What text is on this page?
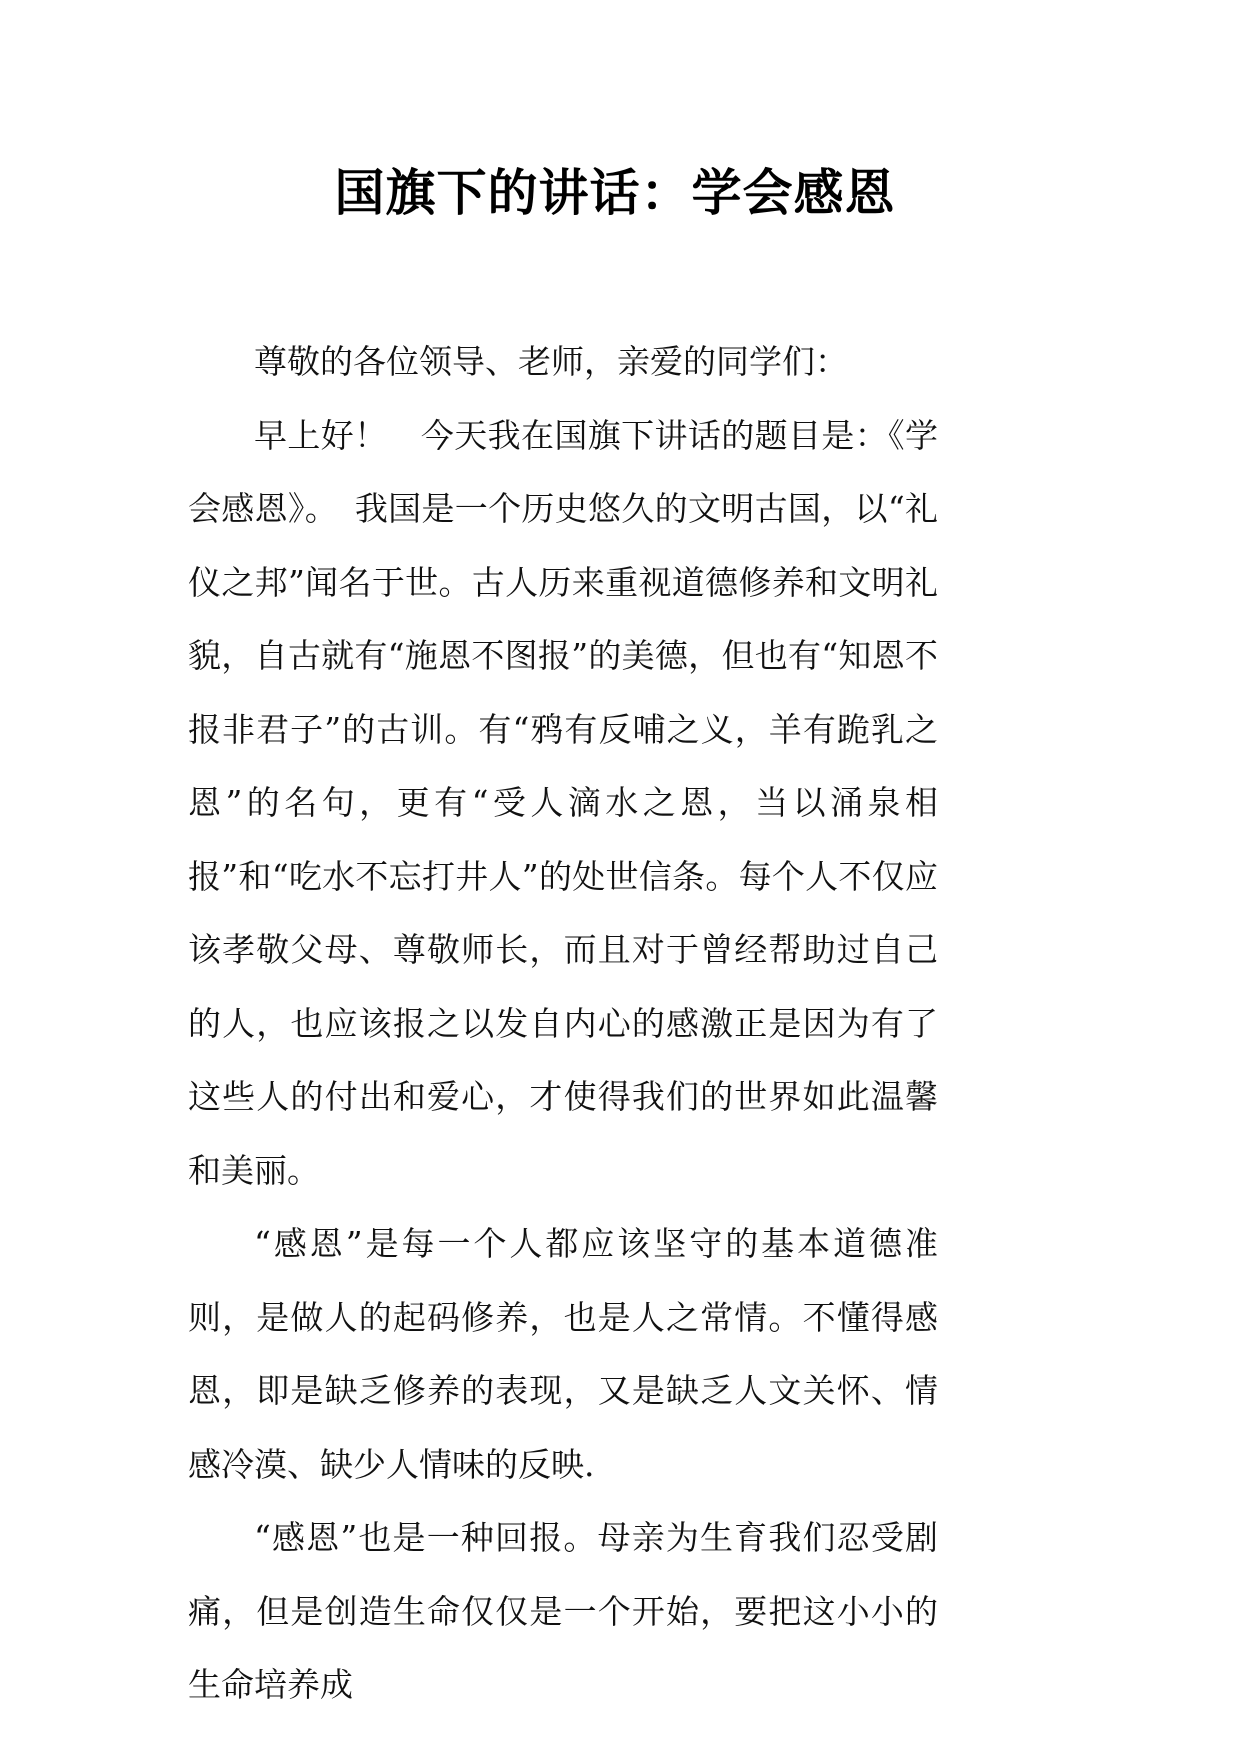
国旗下的讲话：学会感恩

尊敬的各位领导、老师，亲爱的同学们：

早上好！　今天我在国旗下讲话的题目是：《学会感恩》。　我国是一个历史悠久的文明古国，以“礼仪之邦”闻名于世。古人历来重视道德修养和文明礼貌，自古就有“施恩不图报”的美德，但也有“知恩不报非君子”的古训。有“鸦有反哺之义，羊有跪乳之恩”的名句，更有“受人滴水之恩，当以涌泉相报”和“吃水不忘打井人”的处世信条。每个人不仅应该孝敬父母、尊敬师长，而且对于曾经帮助过自己的人，也应该报之以发自内心的感激正是因为有了这些人的付出和爱心，才使得我们的世界如此温馨和美丽。

“感恩”是每一个人都应该坚守的基本道德准则，是做人的起码修养，也是人之常情。不懂得感恩，即是缺乏修养的表现，又是缺乏人文关怀、情感冷漠、缺少人情味的反映.

“感恩”也是一种回报。母亲为生育我们忍受剧痛，但是创造生命仅仅是一个开始，要把这小小的生命培养成
